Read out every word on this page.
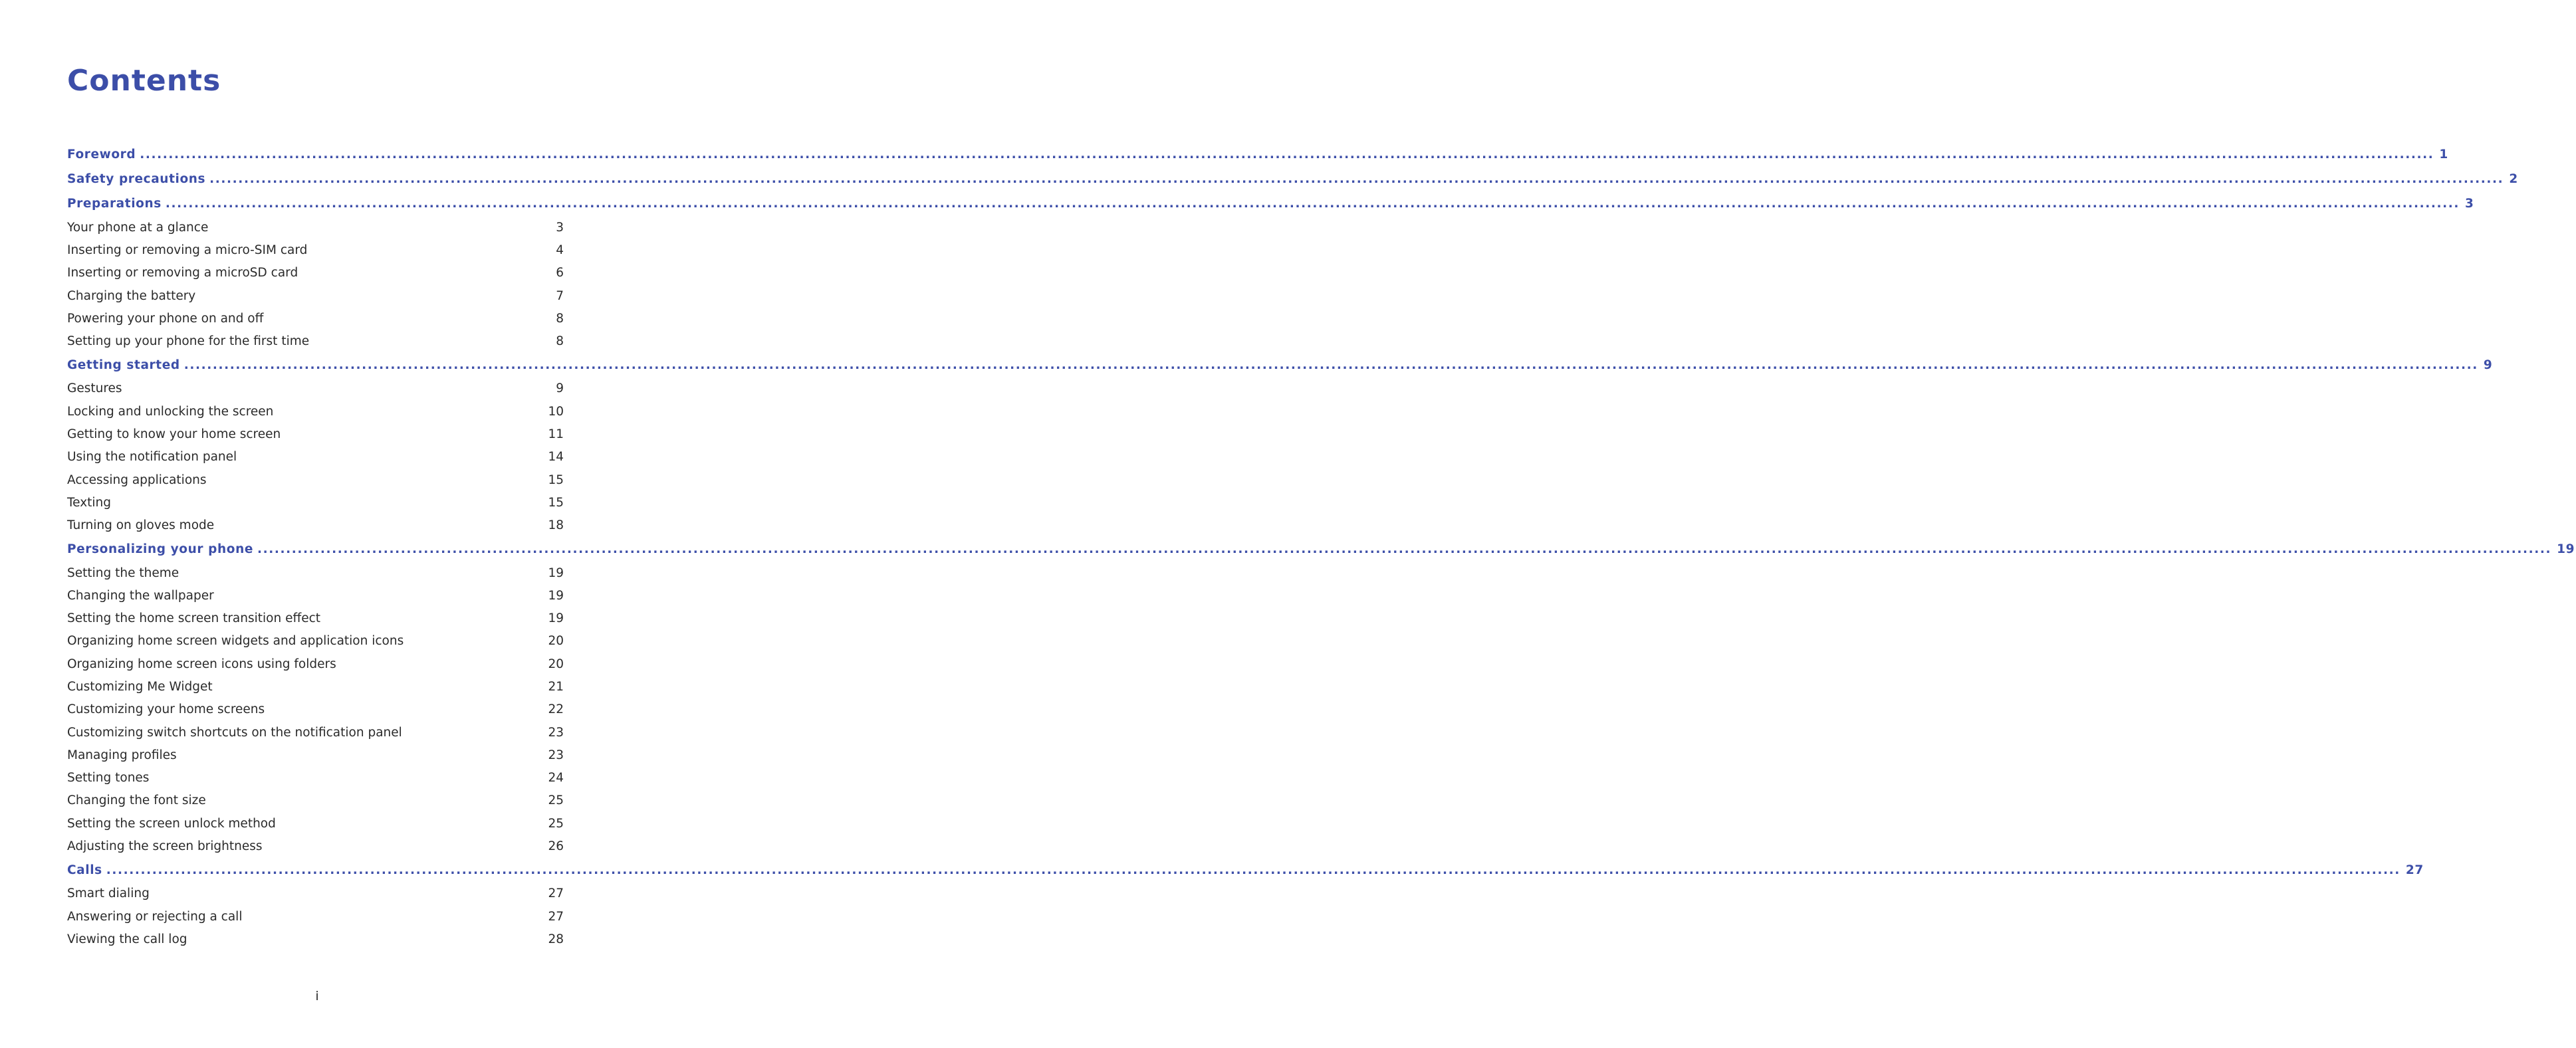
Contents
Foreword ................................................................................................................................................................................................................................................................................................................................................................................................................ 1
Safety precautions ................................................................................................................................................................................................................................................................................................................................................................................................................ 2
Preparations ................................................................................................................................................................................................................................................................................................................................................................................................................ 3
Your phone at a glance	3
Inserting or removing a micro-SIM card	4
Inserting or removing a microSD card	6
Charging the battery	7
Powering your phone on and off	8
Setting up your phone for the first time	8
Getting started ................................................................................................................................................................................................................................................................................................................................................................................................................ 9
Gestures	9
Locking and unlocking the screen	10
Getting to know your home screen	11
Using the notification panel	14
Accessing applications	15
Texting	15
Turning on gloves mode	18
Personalizing your phone ................................................................................................................................................................................................................................................................................................................................................................................................................ 19
Setting the theme	19
Changing the wallpaper	19
Setting the home screen transition effect	19
Organizing home screen widgets and application icons	20
Organizing home screen icons using folders	20
Customizing Me Widget	21
Customizing your home screens	22
Customizing switch shortcuts on the notification panel	23
Managing profiles	23
Setting tones	24
Changing the font size	25
Setting the screen unlock method	25
Adjusting the screen brightness	26
Calls ................................................................................................................................................................................................................................................................................................................................................................................................................ 27
Smart dialing	27
Answering or rejecting a call	27
Viewing the call log	28
i
